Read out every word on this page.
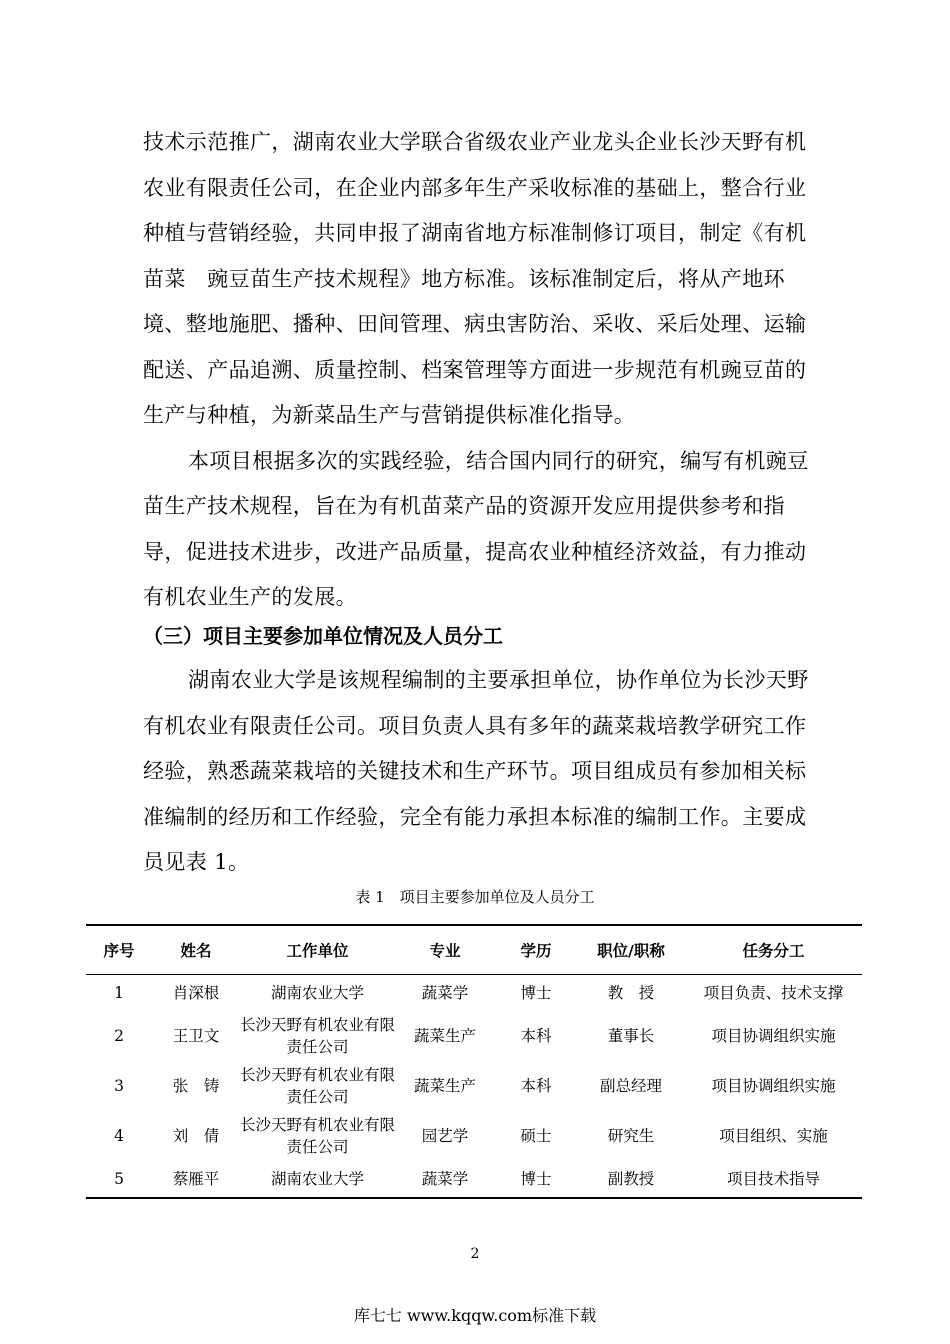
技术示范推广，湖南农业大学联合省级农业产业龙头企业长沙天野有机农业有限责任公司，在企业内部多年生产采收标准的基础上，整合行业种植与营销经验，共同申报了湖南省地方标准制修订项目，制定《有机苗菜　豌豆苗生产技术规程》地方标准。该标准制定后，将从产地环境、整地施肥、播种、田间管理、病虫害防治、采收、采后处理、运输配送、产品追溯、质量控制、档案管理等方面进一步规范有机豌豆苗的生产与种植，为新菜品生产与营销提供标准化指导。

本项目根据多次的实践经验，结合国内同行的研究，编写有机豌豆苗生产技术规程，旨在为有机苗菜产品的资源开发应用提供参考和指导，促进技术进步，改进产品质量，提高农业种植经济效益，有力推动有机农业生产的发展。

（三）项目主要参加单位情况及人员分工

湖南农业大学是该规程编制的主要承担单位，协作单位为长沙天野有机农业有限责任公司。项目负责人具有多年的蔬菜栽培教学研究工作经验，熟悉蔬菜栽培的关键技术和生产环节。项目组成员有参加相关标准编制的经历和工作经验，完全有能力承担本标准的编制工作。主要成员见表 1。

表 1　项目主要参加单位及人员分工
序号	姓名	工作单位	专业	学历	职位/职称	任务分工
1	肖深根	湖南农业大学	蔬菜学	博士	教　授	项目负责、技术支撑
2	王卫文	长沙天野有机农业有限责任公司	蔬菜生产	本科	董事长	项目协调组织实施
3	张　铸	长沙天野有机农业有限责任公司	蔬菜生产	本科	副总经理	项目协调组织实施
4	刘　倩	长沙天野有机农业有限责任公司	园艺学	硕士	研究生	项目组织、实施
5	蔡雁平	湖南农业大学	蔬菜学	博士	副教授	项目技术指导
2
库七七 www.kqqw.com标准下载
